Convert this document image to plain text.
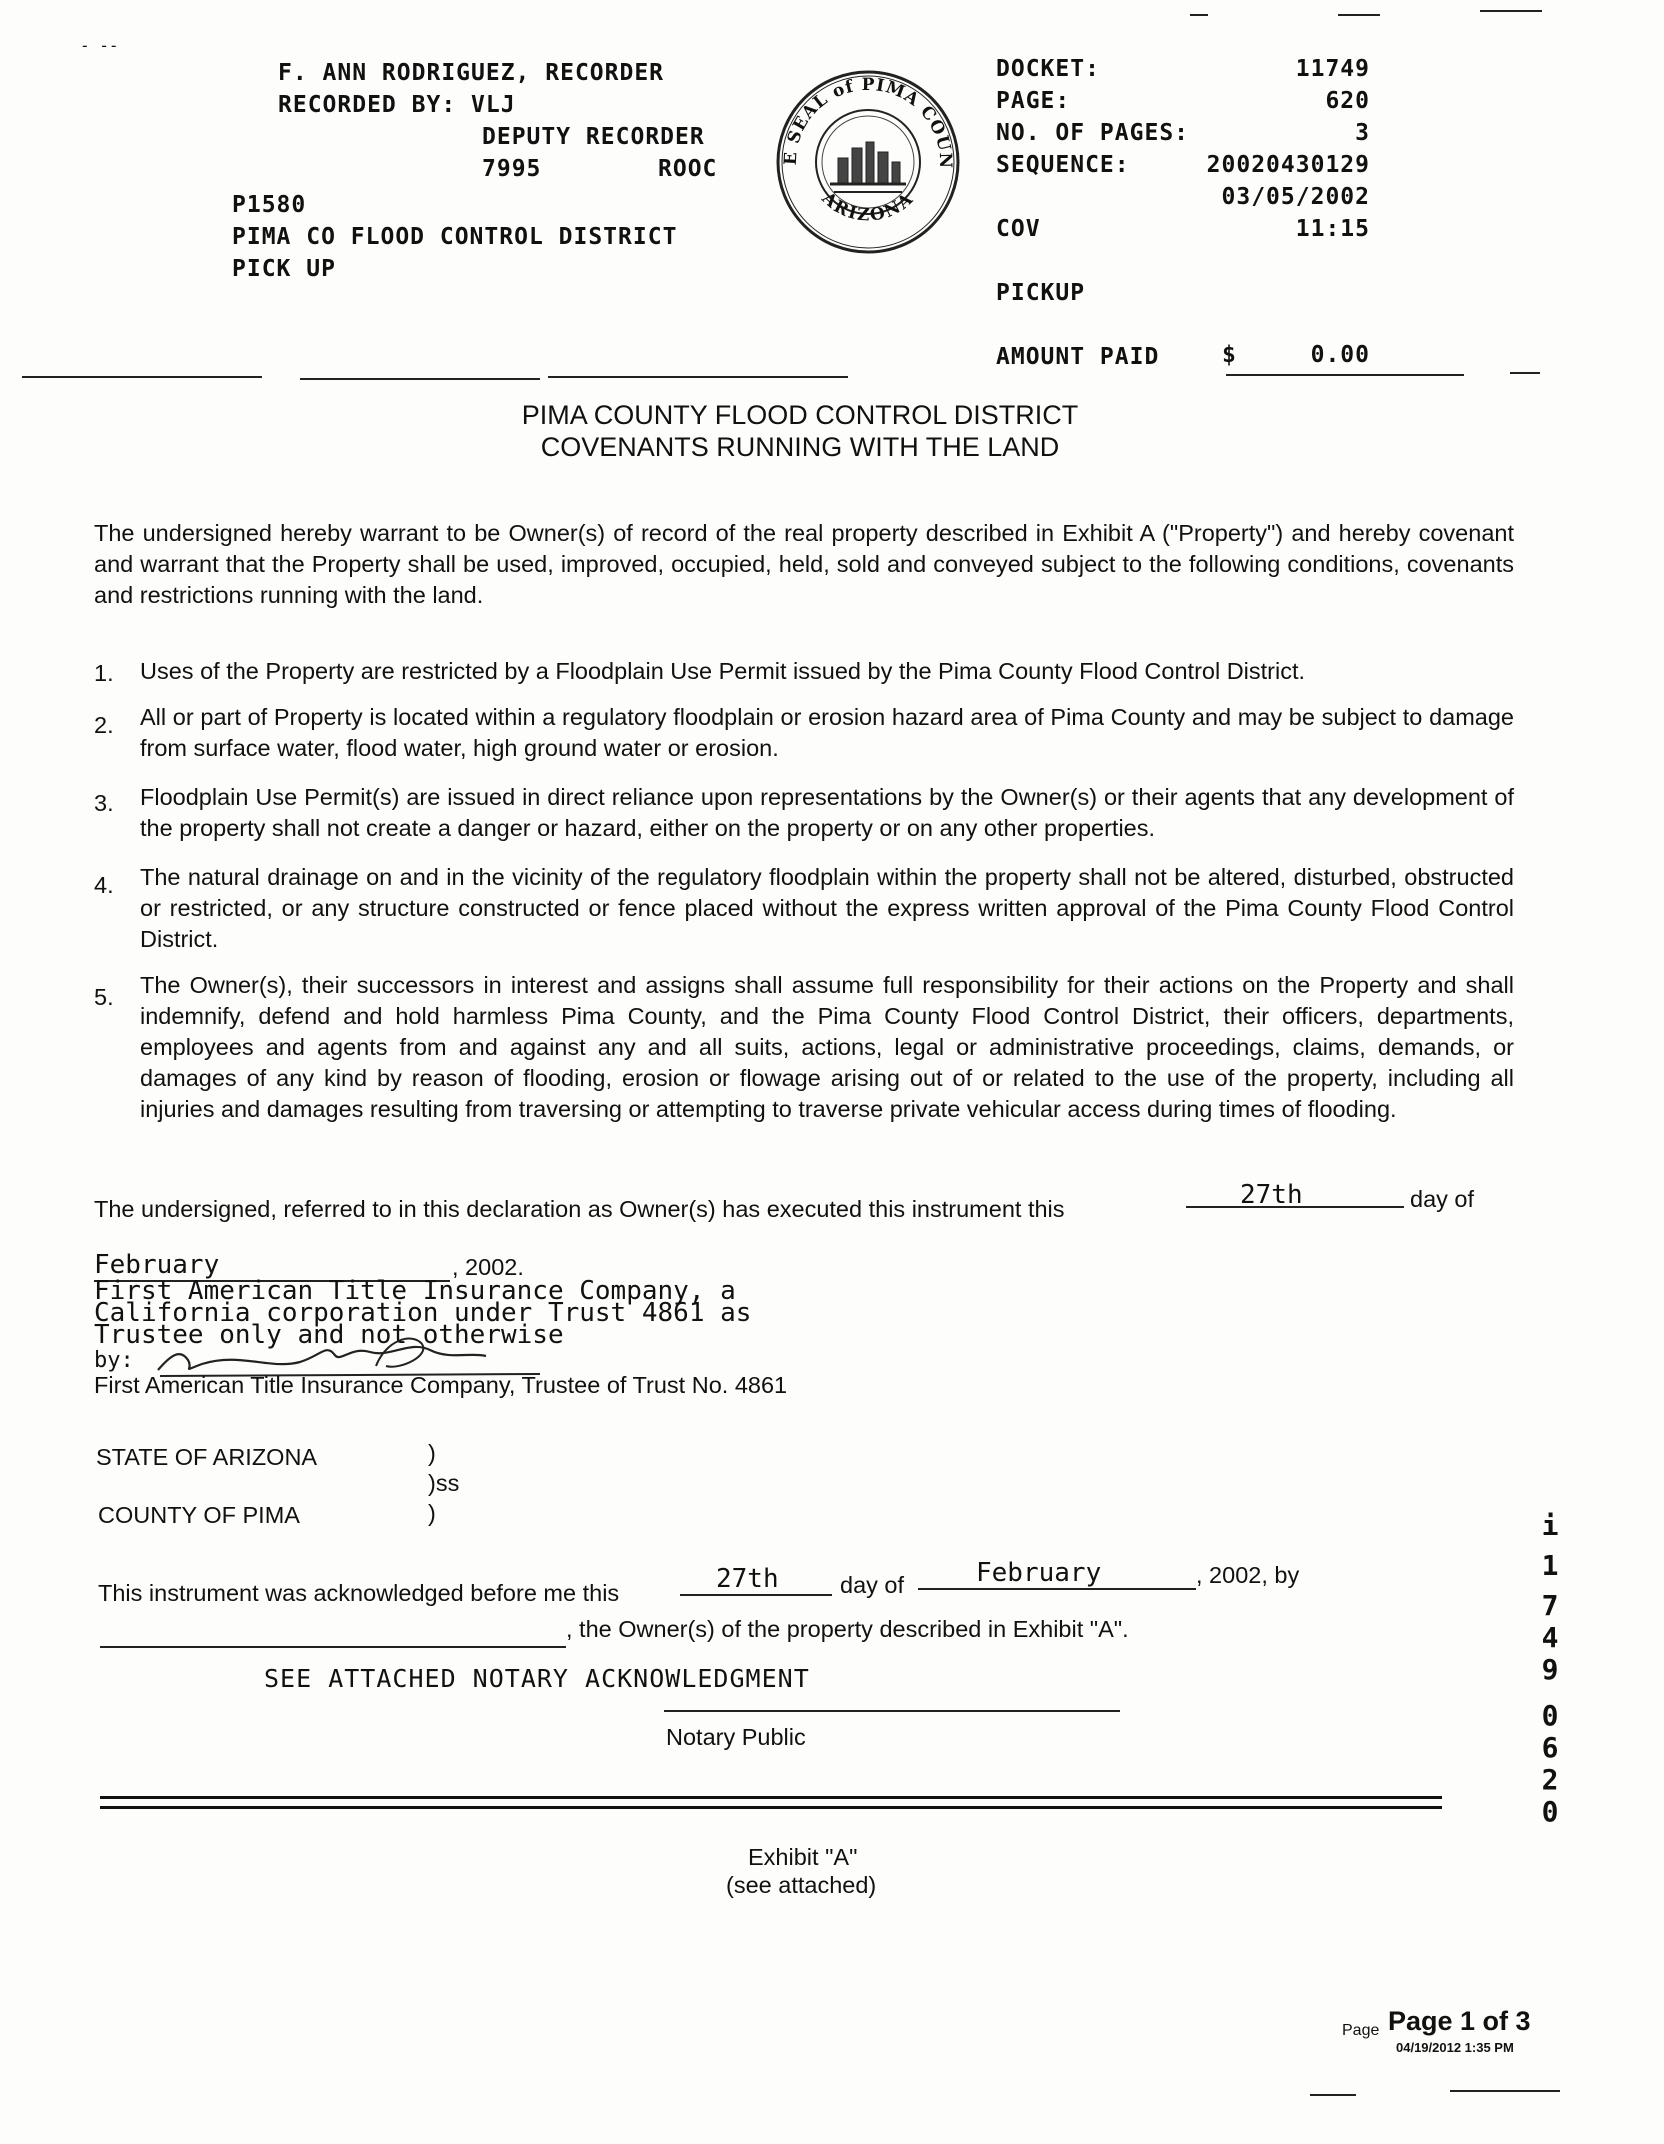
- --
F. ANN RODRIGUEZ, RECORDER
RECORDED BY: VLJ
DEPUTY RECORDER
7995	ROOC
P1580
PIMA CO FLOOD CONTROL DISTRICT
PICK UP
E SEAL of PIMA COUN
ARIZONA
DOCKET:	11749
PAGE:	620
NO. OF PAGES:	3
SEQUENCE:	20020430129
03/05/2002
COV	11:15
PICKUP
AMOUNT PAID	$	0.00
PIMA COUNTY FLOOD CONTROL DISTRICT
COVENANTS RUNNING WITH THE LAND
The undersigned hereby warrant to be Owner(s) of record of the real property described in Exhibit A ("Property") and hereby covenant and warrant that the Property shall be used, improved, occupied, held, sold and conveyed subject to the following conditions, covenants and restrictions running with the land.
1. Uses of the Property are restricted by a Floodplain Use Permit issued by the Pima County Flood Control District.
2. All or part of Property is located within a regulatory floodplain or erosion hazard area of Pima County and may be subject to damage from surface water, flood water, high ground water or erosion.
3. Floodplain Use Permit(s) are issued in direct reliance upon representations by the Owner(s) or their agents that any development of the property shall not create a danger or hazard, either on the property or on any other properties.
4. The natural drainage on and in the vicinity of the regulatory floodplain within the property shall not be altered, disturbed, obstructed or restricted, or any structure constructed or fence placed without the express written approval of the Pima County Flood Control District.
5. The Owner(s), their successors in interest and assigns shall assume full responsibility for their actions on the Property and shall indemnify, defend and hold harmless Pima County, and the Pima County Flood Control District, their officers, departments, employees and agents from and against any and all suits, actions, legal or administrative proceedings, claims, demands, or damages of any kind by reason of flooding, erosion or flowage arising out of or related to the use of the property, including all injuries and damages resulting from traversing or attempting to traverse private vehicular access during times of flooding.
The undersigned, referred to in this declaration as Owner(s) has executed this instrument this	27th	day of
February	, 2002.
First American Title Insurance Company, a
California corporation under Trust 4861 as
Trustee only and not otherwise
by:
First American Title Insurance Company, Trustee of Trust No. 4861
STATE OF ARIZONA	)
)ss
COUNTY OF PIMA	)
This instrument was acknowledged before me this	27th	day of	February	, 2002, by
, the Owner(s) of the property described in Exhibit "A".
SEE ATTACHED NOTARY ACKNOWLEDGMENT
Notary Public
Exhibit "A"
(see attached)
i
1
7
4
9
0
6
2
0
Page Page 1 of 3
04/19/2012 1:35 PM
